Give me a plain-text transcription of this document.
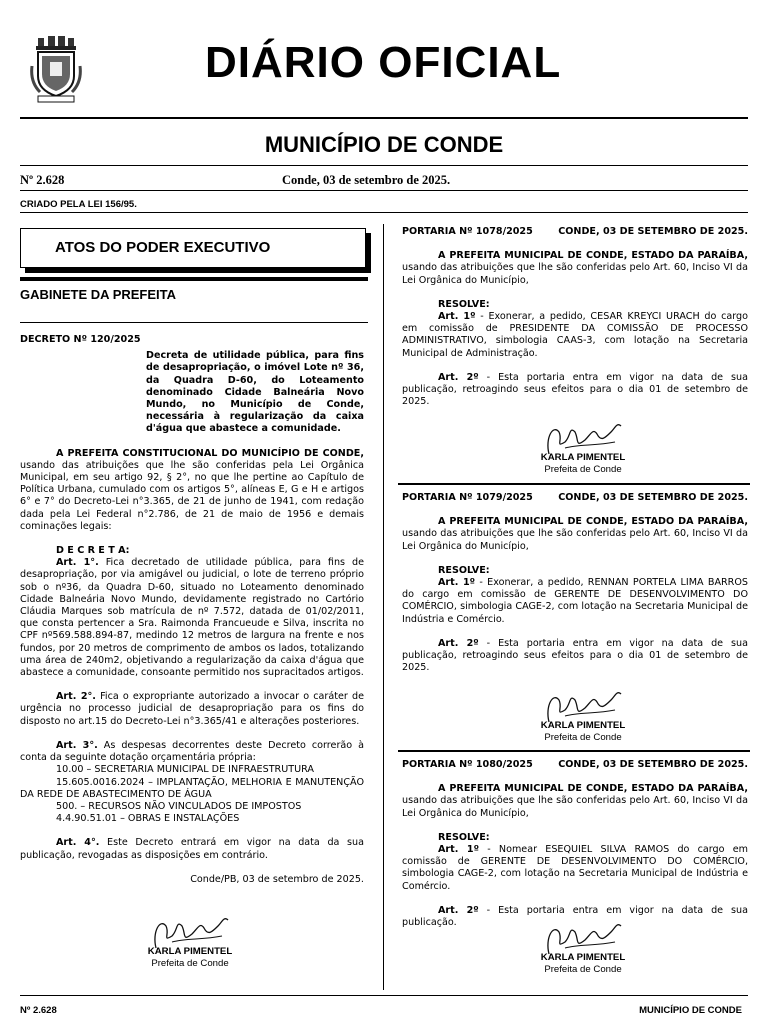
DIÁRIO OFICIAL
MUNICÍPIO DE CONDE
Nº 2.628	Conde, 03 de setembro de 2025.
CRIADO PELA LEI 156/95.
ATOS DO PODER EXECUTIVO
GABINETE DA PREFEITA

DECRETO Nº 120/2025

Decreta de utilidade pública, para fins de desapropriação, o imóvel Lote nº 36, da Quadra D-60, do Loteamento denominado Cidade Balneária Novo Mundo, no Município de Conde, necessária à regularização da caixa d'água que abastece a comunidade.

A PREFEITA CONSTITUCIONAL DO MUNICÍPIO DE CONDE, usando das atribuições que lhe são conferidas pela Lei Orgânica Municipal, em seu artigo 92, § 2°, no que lhe pertine ao Capítulo de Política Urbana, cumulado com os artigos 5°, alíneas E, G e H e artigos 6° e 7° do Decreto-Lei n°3.365, de 21 de junho de 1941, com redação dada pela Lei Federal n°2.786, de 21 de maio de 1956 e demais cominações legais:

D E C R E T A:

Art. 1°. Fica decretado de utilidade pública, para fins de desapropriação, por via amigável ou judicial, o lote de terreno próprio sob o nº36, da Quadra D-60, situado no Loteamento denominado Cidade Balneária Novo Mundo, devidamente registrado no Cartório Cláudia Marques sob matrícula de nº 7.572, datada de 01/02/2011, que consta pertencer a Sra. Raimonda Francueude e Silva, inscrita no CPF nº569.588.894-87, medindo 12 metros de largura na frente e nos fundos, por 20 metros de comprimento de ambos os lados, totalizando uma área de 240m2, objetivando a regularização da caixa d'água que abastece a comunidade, consoante permitido nos supracitados artigos.

Art. 2°. Fica o expropriante autorizado a invocar o caráter de urgência no processo judicial de desapropriação para os fins do disposto no art.15 do Decreto-Lei n°3.365/41 e alterações posteriores.

Art. 3°. As despesas decorrentes deste Decreto correrão à conta da seguinte dotação orçamentária própria:

10.00 – SECRETARIA MUNICIPAL DE INFRAESTRUTURA

15.605.0016.2024 – IMPLANTAÇÃO, MELHORIA E MANUTENÇÃO DA REDE DE ABASTECIMENTO DE ÁGUA

500. – RECURSOS NÃO VINCULADOS DE IMPOSTOS

4.4.90.51.01 – OBRAS E INSTALAÇÕES

Art. 4°. Este Decreto entrará em vigor na data da sua publicação, revogadas as disposições em contrário.

Conde/PB, 03 de setembro de 2025.

KARLA PIMENTEL
Prefeita de Conde
PORTARIA Nº 1078/2025	CONDE, 03 DE SETEMBRO DE 2025.

A PREFEITA MUNICIPAL DE CONDE, ESTADO DA PARAÍBA, usando das atribuições que lhe são conferidas pelo Art. 60, Inciso VI da Lei Orgânica do Município,

RESOLVE:

Art. 1º - Exonerar, a pedido, CESAR KREYCI URACH do cargo em comissão de PRESIDENTE DA COMISSÃO DE PROCESSO ADMINISTRATIVO, simbologia CAAS-3, com lotação na Secretaria Municipal de Administração.

Art. 2º - Esta portaria entra em vigor na data de sua publicação, retroagindo seus efeitos para o dia 01 de setembro de 2025.

KARLA PIMENTEL
Prefeita de Conde
PORTARIA Nº 1079/2025	CONDE, 03 DE SETEMBRO DE 2025.

A PREFEITA MUNICIPAL DE CONDE, ESTADO DA PARAÍBA, usando das atribuições que lhe são conferidas pelo Art. 60, Inciso VI da Lei Orgânica do Município,

RESOLVE:

Art. 1º - Exonerar, a pedido, RENNAN PORTELA LIMA BARROS do cargo em comissão de GERENTE DE DESENVOLVIMENTO DO COMÉRCIO, simbologia CAGE-2, com lotação na Secretaria Municipal de Indústria e Comércio.

Art. 2º - Esta portaria entra em vigor na data de sua publicação, retroagindo seus efeitos para o dia 01 de setembro de 2025.

KARLA PIMENTEL
Prefeita de Conde
PORTARIA Nº 1080/2025	CONDE, 03 DE SETEMBRO DE 2025.

A PREFEITA MUNICIPAL DE CONDE, ESTADO DA PARAÍBA, usando das atribuições que lhe são conferidas pelo Art. 60, Inciso VI da Lei Orgânica do Município,

RESOLVE:

Art. 1º - Nomear ESEQUIEL SILVA RAMOS do cargo em comissão de GERENTE DE DESENVOLVIMENTO DO COMÉRCIO, simbologia CAGE-2, com lotação na Secretaria Municipal de Indústria e Comércio.

Art. 2º - Esta portaria entra em vigor na data de sua publicação.

KARLA PIMENTEL
Prefeita de Conde
Nº 2.628	MUNICÍPIO DE CONDE
